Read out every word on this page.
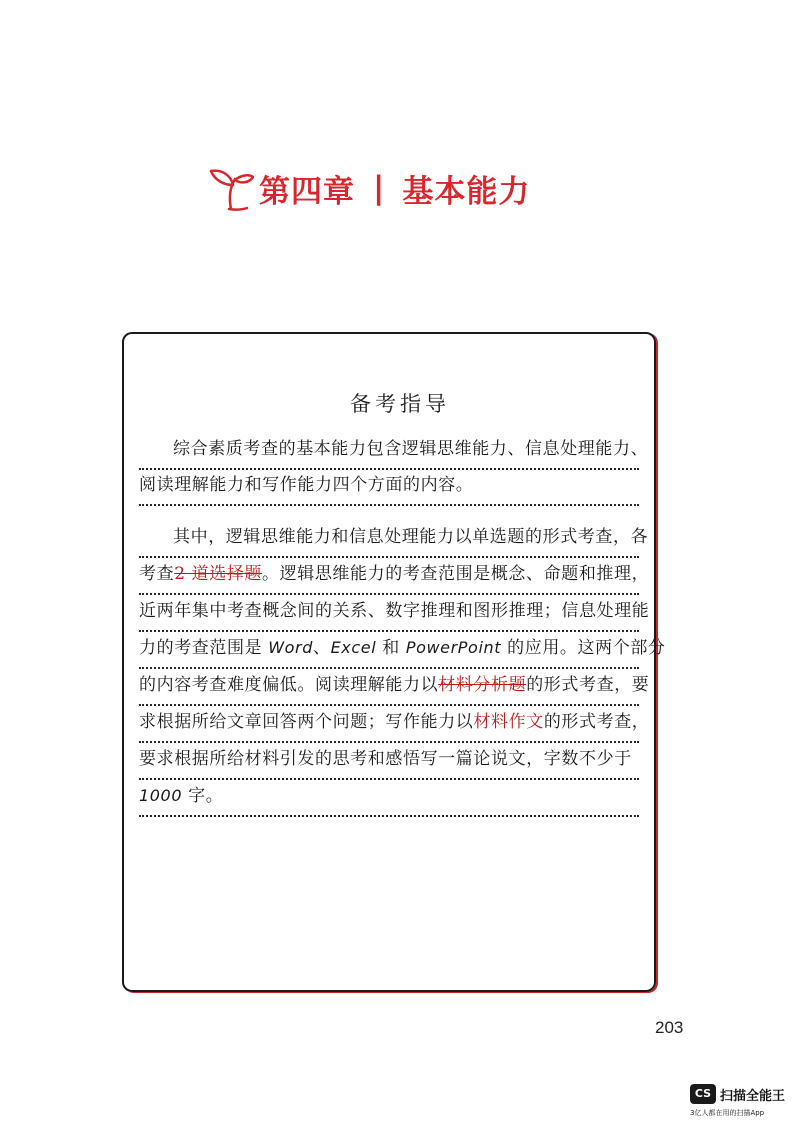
第四章 | 基本能力
备考指导
综合素质考查的基本能力包含逻辑思维能力、信息处理能力、
阅读理解能力和写作能力四个方面的内容。
其中，逻辑思维能力和信息处理能力以单选题的形式考查，各
考查2 道选择题。逻辑思维能力的考查范围是概念、命题和推理，
近两年集中考查概念间的关系、数字推理和图形推理；信息处理能
力的考查范围是 Word、Excel 和 PowerPoint 的应用。这两个部分
的内容考查难度偏低。阅读理解能力以材料分析题的形式考查，要
求根据所给文章回答两个问题；写作能力以材料作文的形式考查，
要求根据所给材料引发的思考和感悟写一篇论说文，字数不少于
1000 字。
203
CS 扫描全能王
3亿人都在用的扫描App
